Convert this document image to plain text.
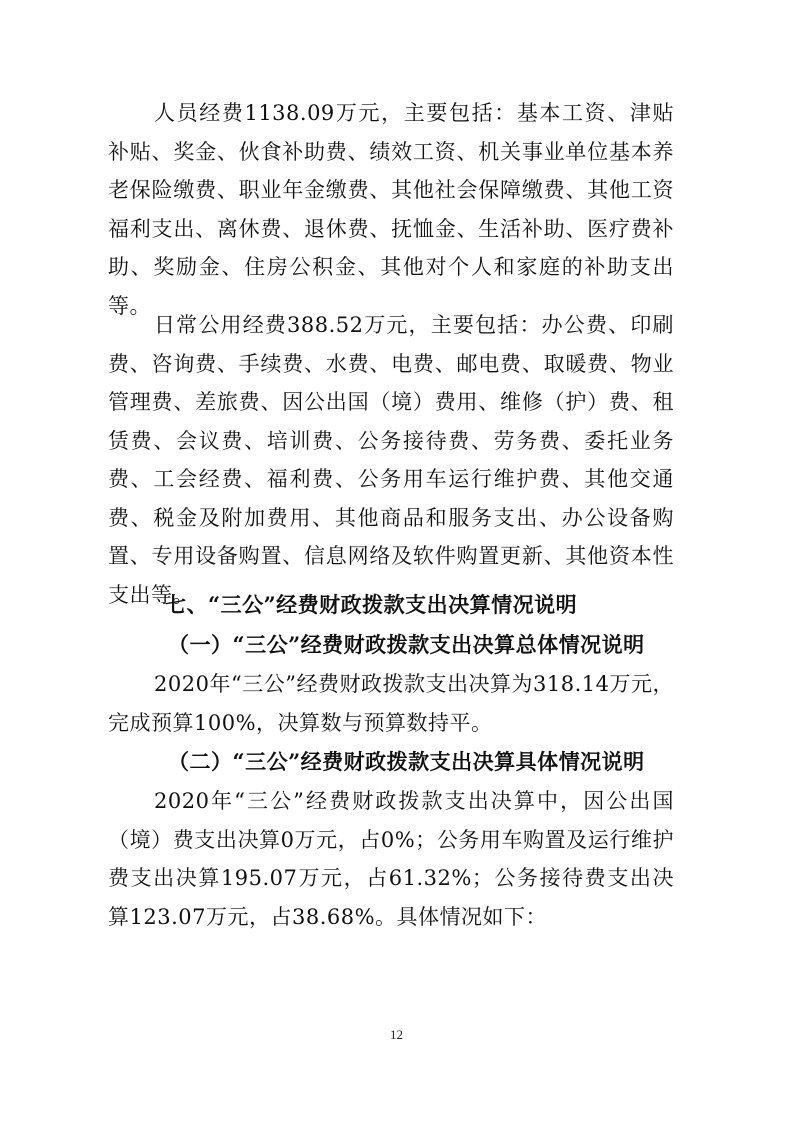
人员经费1138.09万元，主要包括：基本工资、津贴补贴、奖金、伙食补助费、绩效工资、机关事业单位基本养老保险缴费、职业年金缴费、其他社会保障缴费、其他工资福利支出、离休费、退休费、抚恤金、生活补助、医疗费补助、奖励金、住房公积金、其他对个人和家庭的补助支出等。

日常公用经费388.52万元，主要包括：办公费、印刷费、咨询费、手续费、水费、电费、邮电费、取暖费、物业管理费、差旅费、因公出国（境）费用、维修（护）费、租赁费、会议费、培训费、公务接待费、劳务费、委托业务费、工会经费、福利费、公务用车运行维护费、其他交通费、税金及附加费用、其他商品和服务支出、办公设备购置、专用设备购置、信息网络及软件购置更新、其他资本性支出等。

七、“三公”经费财政拨款支出决算情况说明
（一）“三公”经费财政拨款支出决算总体情况说明

2020年“三公”经费财政拨款支出决算为318.14万元，完成预算100%，决算数与预算数持平。

（二）“三公”经费财政拨款支出决算具体情况说明

2020年“三公”经费财政拨款支出决算中，因公出国（境）费支出决算0万元，占0%；公务用车购置及运行维护费支出决算195.07万元，占61.32%；公务接待费支出决算123.07万元，占38.68%。具体情况如下：

12
